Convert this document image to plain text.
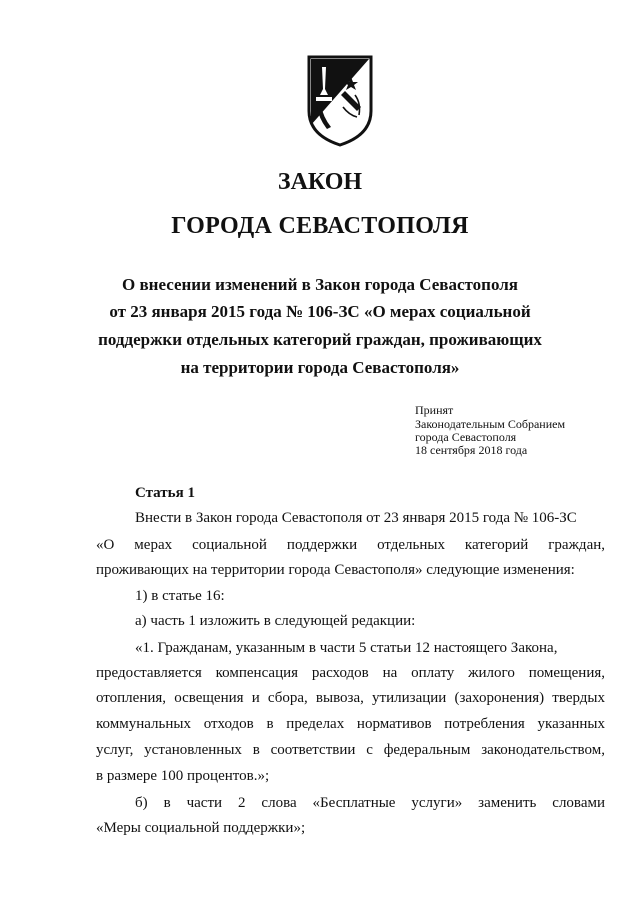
ЗАКОН
ГОРОДА СЕВАСТОПОЛЯ
О внесении изменений в Закон города Севастополя
от 23 января 2015 года № 106-ЗС «О мерах социальной
поддержки отдельных категорий граждан, проживающих
на территории города Севастополя»
Принят
Законодательным Собранием
города Севастополя
18 сентября 2018 года
Статья 1
Внести в Закон города Севастополя от 23 января 2015 года № 106-ЗС
«О мерах социальной поддержки отдельных категорий граждан,
проживающих на территории города Севастополя» следующие изменения:
1) в статье 16:
а) часть 1 изложить в следующей редакции:
«1. Гражданам, указанным в части 5 статьи 12 настоящего Закона,
предоставляется компенсация расходов на оплату жилого помещения,
отопления, освещения и сбора, вывоза, утилизации (захоронения) твердых
коммунальных отходов в пределах нормативов потребления указанных
услуг, установленных в соответствии с федеральным законодательством,
в размере 100 процентов.»;
б) в части 2 слова «Бесплатные услуги» заменить словами
«Меры социальной поддержки»;
